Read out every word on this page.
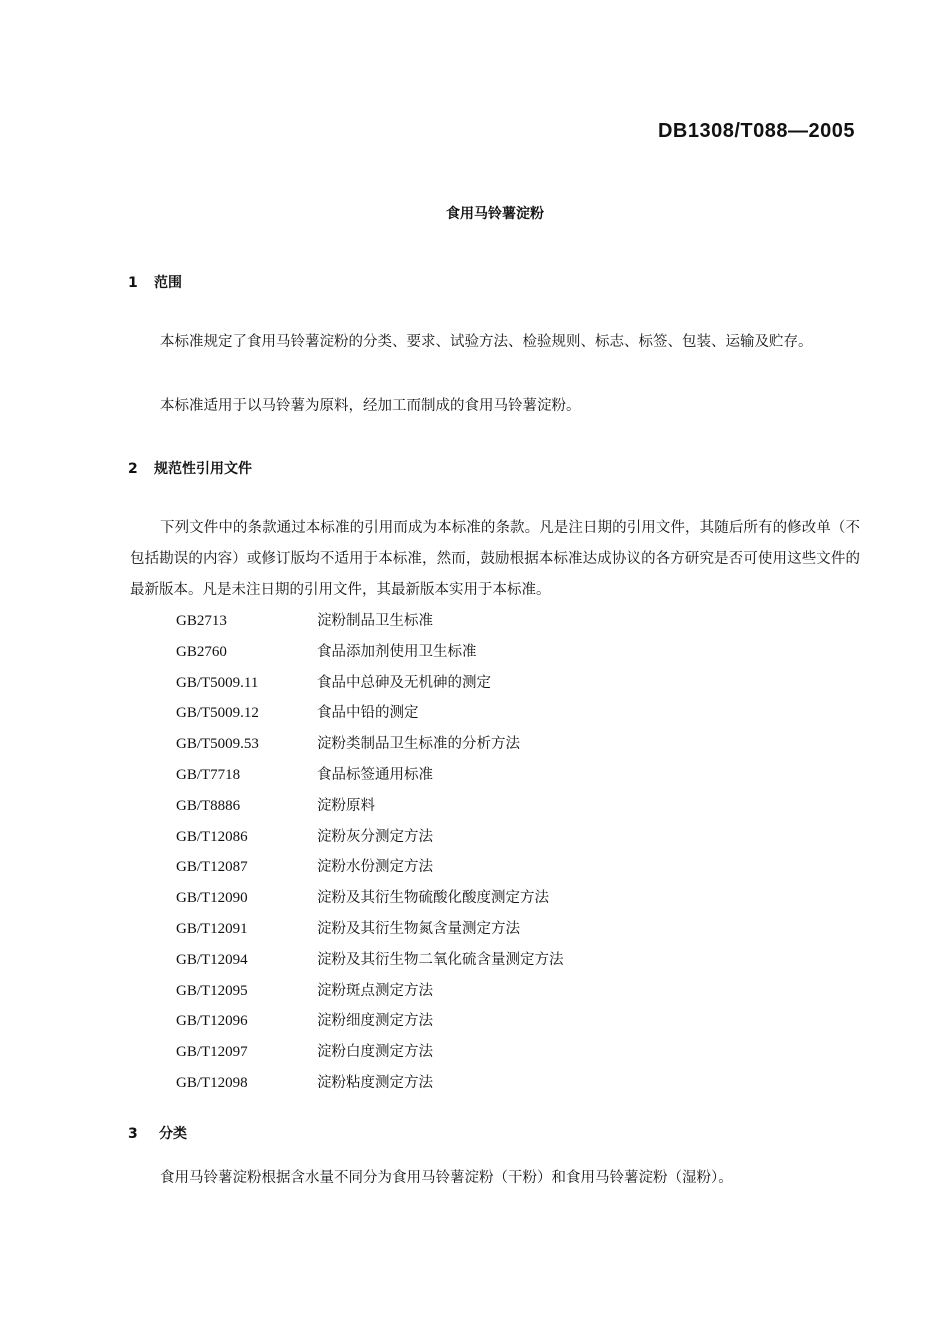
DB1308/T088—2005
食用马铃薯淀粉
1 范围

本标准规定了食用马铃薯淀粉的分类、要求、试验方法、检验规则、标志、标签、包装、运输及贮存。

本标准适用于以马铃薯为原料，经加工而制成的食用马铃薯淀粉。

2 规范性引用文件

下列文件中的条款通过本标准的引用而成为本标准的条款。凡是注日期的引用文件，其随后所有的修改单（不包括勘误的内容）或修订版均不适用于本标准，然而，鼓励根据本标准达成协议的各方研究是否可使用这些文件的最新版本。凡是未注日期的引用文件，其最新版本实用于本标准。

GB2713	淀粉制品卫生标准
GB2760	食品添加剂使用卫生标准
GB/T5009.11	食品中总砷及无机砷的测定
GB/T5009.12	食品中铅的测定
GB/T5009.53	淀粉类制品卫生标准的分析方法
GB/T7718	食品标签通用标准
GB/T8886	淀粉原料
GB/T12086	淀粉灰分测定方法
GB/T12087	淀粉水份测定方法
GB/T12090	淀粉及其衍生物硫酸化酸度测定方法
GB/T12091	淀粉及其衍生物氮含量测定方法
GB/T12094	淀粉及其衍生物二氧化硫含量测定方法
GB/T12095	淀粉斑点测定方法
GB/T12096	淀粉细度测定方法
GB/T12097	淀粉白度测定方法
GB/T12098	淀粉粘度测定方法
3 分类

食用马铃薯淀粉根据含水量不同分为食用马铃薯淀粉（干粉）和食用马铃薯淀粉（湿粉）。
